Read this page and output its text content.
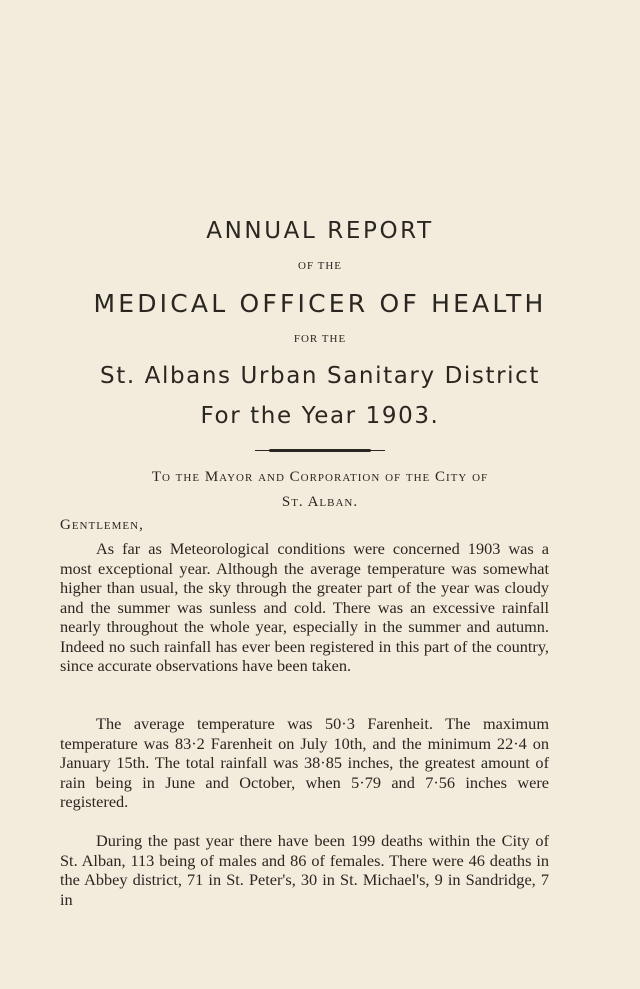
ANNUAL REPORT
OF THE
MEDICAL OFFICER OF HEALTH
FOR THE
St. Albans Urban Sanitary District
For the Year 1903.
To the Mayor and Corporation of the City of
St. Alban.
Gentlemen,

As far as Meteorological conditions were concerned 1903 was a most exceptional year. Although the average temperature was somewhat higher than usual, the sky through the greater part of the year was cloudy and the summer was sunless and cold. There was an excessive rainfall nearly throughout the whole year, especially in the summer and autumn. Indeed no such rainfall has ever been registered in this part of the country, since accurate observations have been taken.

The average temperature was 50·3 Farenheit. The maximum temperature was 83·2 Farenheit on July 10th, and the minimum 22·4 on January 15th. The total rainfall was 38·85 inches, the greatest amount of rain being in June and October, when 5·79 and 7·56 inches were registered.

During the past year there have been 199 deaths within the City of St. Alban, 113 being of males and 86 of females. There were 46 deaths in the Abbey district, 71 in St. Peter's, 30 in St. Michael's, 9 in Sandridge, 7 in
